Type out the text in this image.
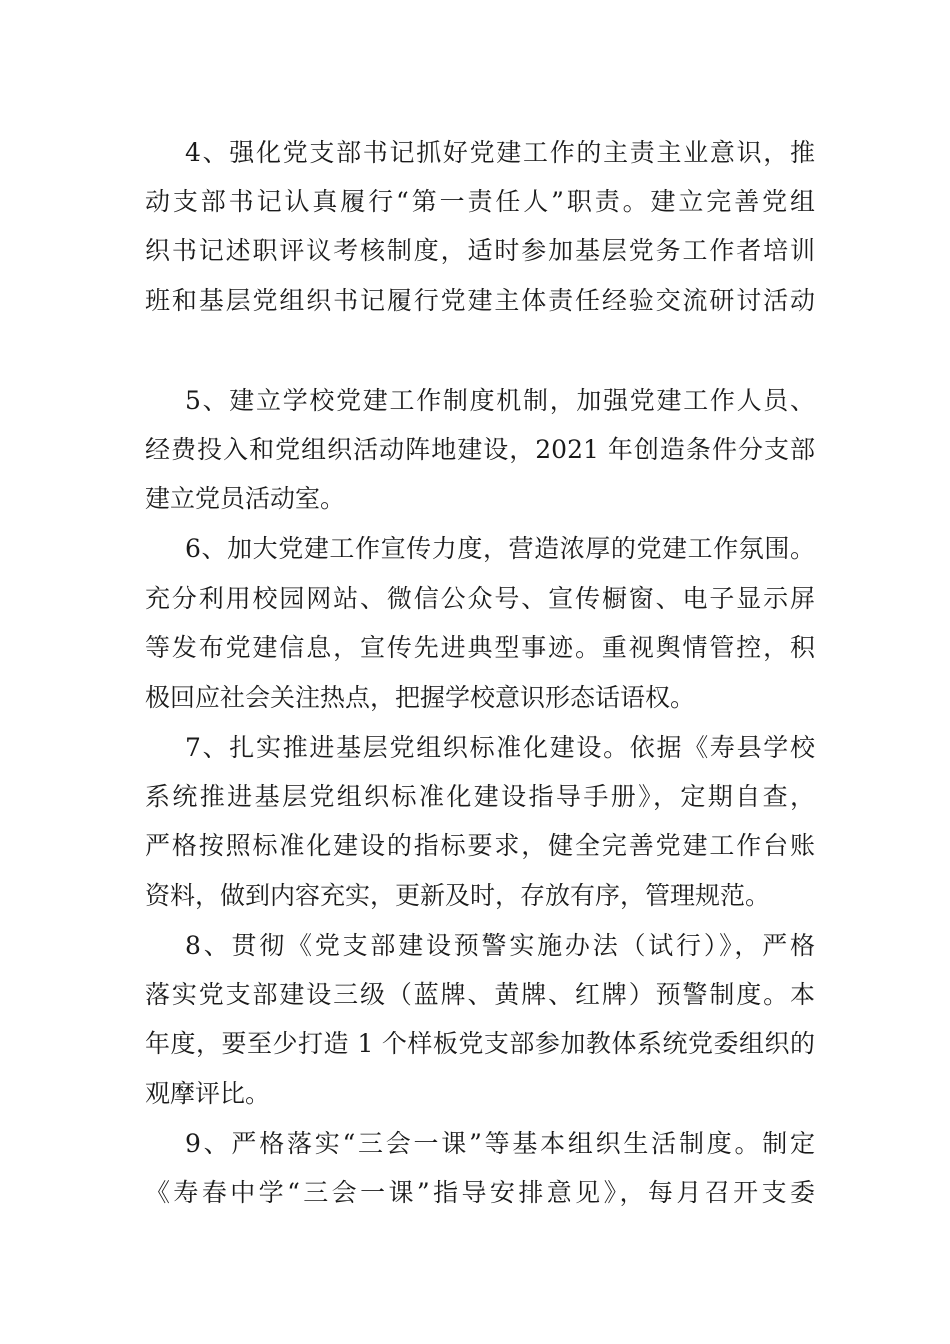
4、强化党支部书记抓好党建工作的主责主业意识，推
动支部书记认真履行“第一责任人”职责。建立完善党组
织书记述职评议考核制度，适时参加基层党务工作者培训
班和基层党组织书记履行党建主体责任经验交流研讨活动
5、建立学校党建工作制度机制，加强党建工作人员、
经费投入和党组织活动阵地建设，2021 年创造条件分支部
建立党员活动室。
6、加大党建工作宣传力度，营造浓厚的党建工作氛围。
充分利用校园网站、微信公众号、宣传橱窗、电子显示屏
等发布党建信息，宣传先进典型事迹。重视舆情管控，积
极回应社会关注热点，把握学校意识形态话语权。
7、扎实推进基层党组织标准化建设。依据《寿县学校
系统推进基层党组织标准化建设指导手册》，定期自查，
严格按照标准化建设的指标要求，健全完善党建工作台账
资料，做到内容充实，更新及时，存放有序，管理规范。
8、贯彻《党支部建设预警实施办法（试行）》，严格
落实党支部建设三级（蓝牌、黄牌、红牌）预警制度。本
年度，要至少打造 1 个样板党支部参加教体系统党委组织的
观摩评比。
9、严格落实“三会一课”等基本组织生活制度。制定
《寿春中学“三会一课”指导安排意见》，每月召开支委
